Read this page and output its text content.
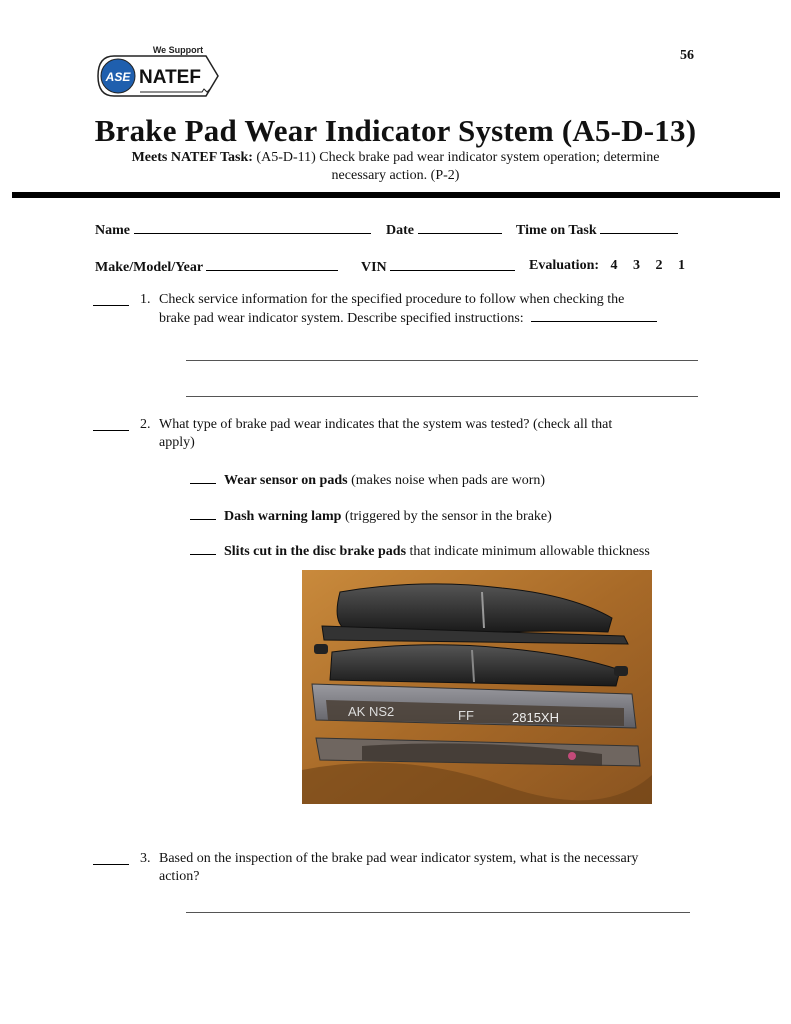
ASE
We Support
NATEF
56
Brake Pad Wear Indicator System (A5-D-13)
Meets NATEF Task: (A5-D-11) Check brake pad wear indicator system operation; determine
necessary action. (P-2)
Name	Date	Time on Task
Make/Model/Year	VIN	Evaluation: 4 3 2 1
1. Check service information for the specified procedure to follow when checking the
brake pad wear indicator system. Describe specified instructions:
2. What type of brake pad wear indicates that the system was tested? (check all that
apply)
Wear sensor on pads (makes noise when pads are worn)
Dash warning lamp (triggered by the sensor in the brake)
Slits cut in the disc brake pads that indicate minimum allowable thickness
AK NS2	FF	2815XH
3. Based on the inspection of the brake pad wear indicator system, what is the necessary
action?
